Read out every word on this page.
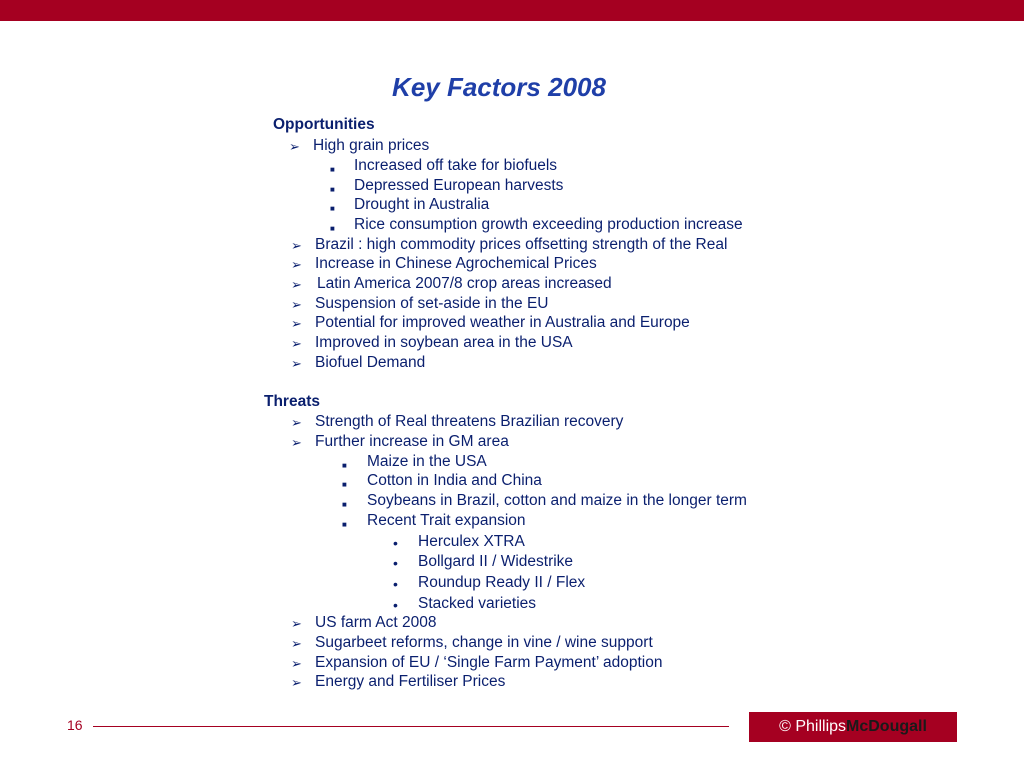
Key Factors 2008
Opportunities
➢ High grain prices
■ Increased off take for biofuels
■ Depressed European harvests
■ Drought in Australia
■ Rice consumption growth exceeding production increase
➢ Brazil : high commodity prices offsetting strength of the Real
➢ Increase in Chinese Agrochemical Prices
➢ Latin America 2007/8 crop areas increased
➢ Suspension of set-aside in the EU
➢ Potential for improved weather in Australia and Europe
➢ Improved in soybean area in the USA
➢ Biofuel Demand
Threats
➢ Strength of Real threatens Brazilian recovery
➢ Further increase in GM area
■ Maize in the USA
■ Cotton in India and China
■ Soybeans in Brazil, cotton and maize in the longer term
■ Recent Trait expansion
• Herculex XTRA
• Bollgard II / Widestrike
• Roundup Ready II / Flex
• Stacked varieties
➢ US farm Act 2008
➢ Sugarbeet reforms, change in vine / wine support
➢ Expansion of EU / ‘Single Farm Payment’ adoption
➢ Energy and Fertiliser Prices
16	© PhillipsMcDougall
